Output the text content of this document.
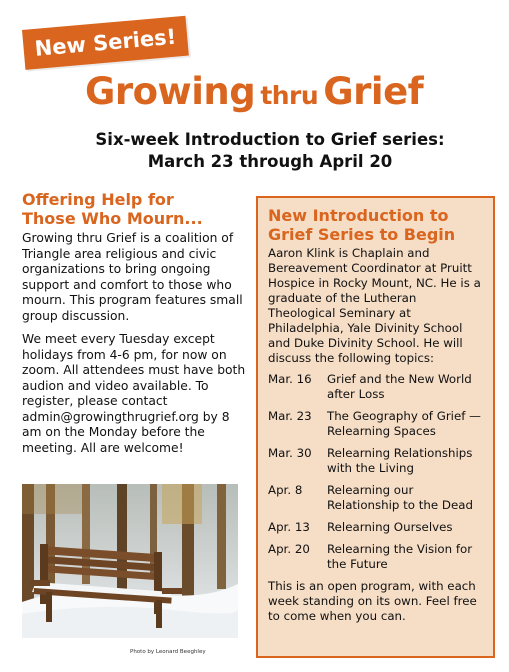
New Series!
Growing thru Grief
Six-week Introduction to Grief series:
March 23 through April 20
Offering Help for
Those Who Mourn...

Growing thru Grief is a coalition of Triangle area religious and civic organizations to bring ongoing support and comfort to those who mourn. This program features small group discussion.

We meet every Tuesday except holidays from 4-6 pm, for now on zoom. All attendees must have both audion and video available. To register, please contact admin@growingthrugrief.org by 8 am on the Monday before the meeting. All are welcome!

Photo by Leonard Beeghley
New Introduction to
Grief Series to Begin

Aaron Klink is Chaplain and Bereavement Coordinator at Pruitt Hospice in Rocky Mount, NC. He is a graduate of the Lutheran Theological Seminary at Philadelphia, Yale Divinity School and Duke Divinity School. He will discuss the following topics:

Mar. 16	Grief and the New World after Loss
Mar. 23	The Geography of Grief — Relearning Spaces
Mar. 30	Relearning Relationships with the Living
Apr. 8	Relearning our Relationship to the Dead
Apr. 13	Relearning Ourselves
Apr. 20	Relearning the Vision for the Future

This is an open program, with each week standing on its own. Feel free to come when you can.
